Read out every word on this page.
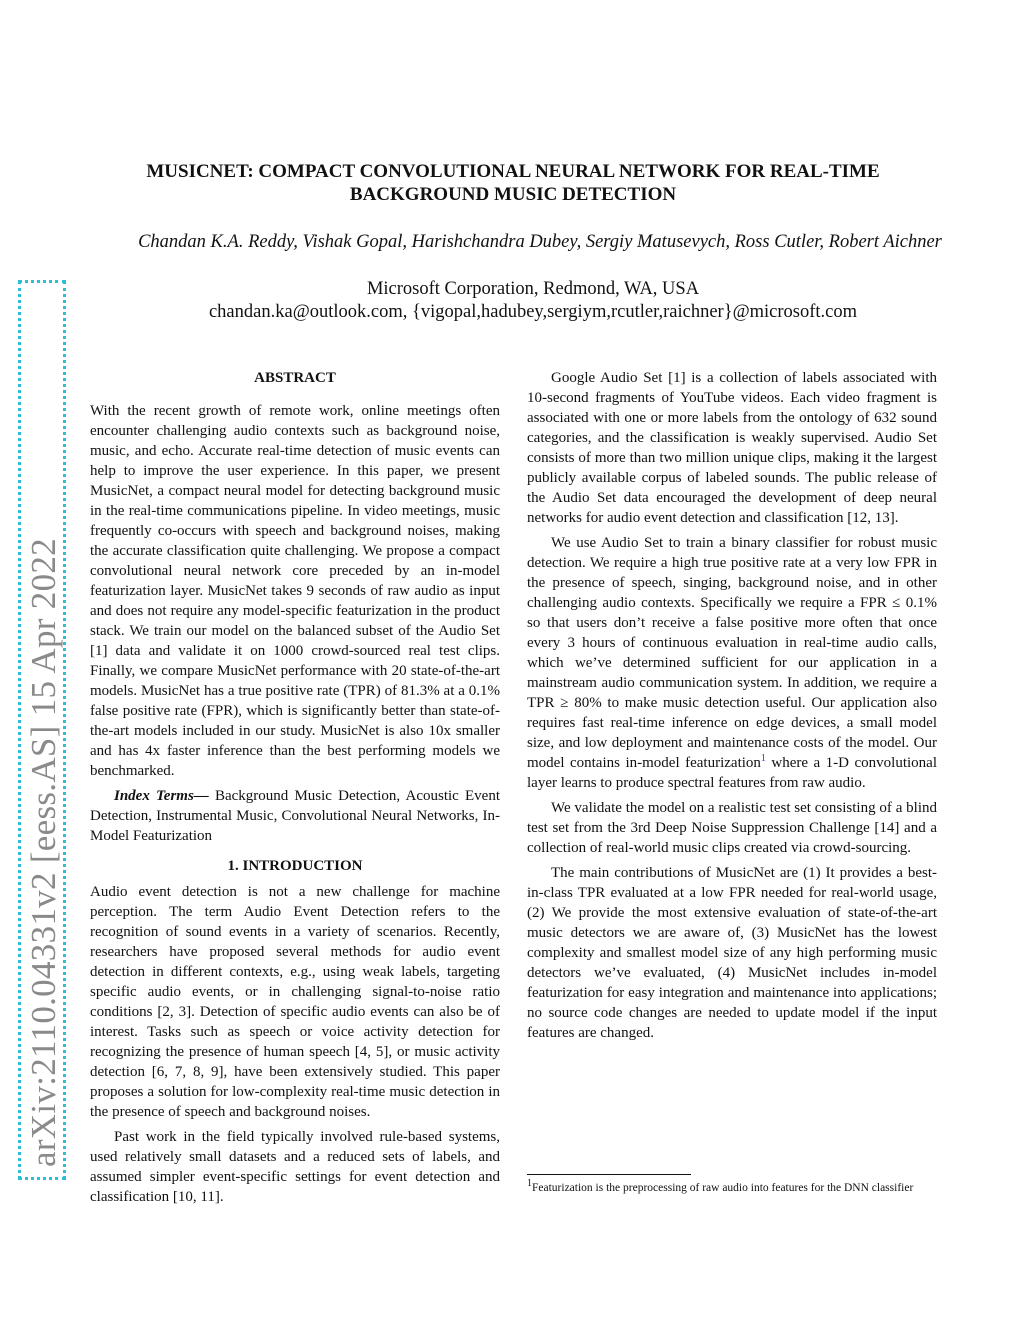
arXiv:2110.04331v2 [eess.AS] 15 Apr 2022
MUSICNET: COMPACT CONVOLUTIONAL NEURAL NETWORK FOR REAL-TIME BACKGROUND MUSIC DETECTION
Chandan K.A. Reddy, Vishak Gopal, Harishchandra Dubey, Sergiy Matusevych, Ross Cutler, Robert Aichner
Microsoft Corporation, Redmond, WA, USA
chandan.ka@outlook.com, {vigopal,hadubey,sergiym,rcutler,raichner}@microsoft.com
ABSTRACT

With the recent growth of remote work, online meetings often encounter challenging audio contexts such as background noise, music, and echo. Accurate real-time detection of music events can help to improve the user experience. In this paper, we present MusicNet, a compact neural model for detecting background music in the real-time communications pipeline. In video meetings, music frequently co-occurs with speech and background noises, making the accurate classification quite challenging. We propose a compact convolutional neural network core preceded by an in-model featurization layer. MusicNet takes 9 seconds of raw audio as input and does not require any model-specific featurization in the product stack. We train our model on the balanced subset of the Audio Set [1] data and validate it on 1000 crowd-sourced real test clips. Finally, we compare MusicNet performance with 20 state-of-the-art models. MusicNet has a true positive rate (TPR) of 81.3% at a 0.1% false positive rate (FPR), which is significantly better than state-of-the-art models included in our study. MusicNet is also 10x smaller and has 4x faster inference than the best performing models we benchmarked.

Index Terms— Background Music Detection, Acoustic Event Detection, Instrumental Music, Convolutional Neural Networks, In-Model Featurization

1. INTRODUCTION

Audio event detection is not a new challenge for machine perception. The term Audio Event Detection refers to the recognition of sound events in a variety of scenarios. Recently, researchers have proposed several methods for audio event detection in different contexts, e.g., using weak labels, targeting specific audio events, or in challenging signal-to-noise ratio conditions [2, 3]. Detection of specific audio events can also be of interest. Tasks such as speech or voice activity detection for recognizing the presence of human speech [4, 5], or music activity detection [6, 7, 8, 9], have been extensively studied. This paper proposes a solution for low-complexity real-time music detection in the presence of speech and background noises.

Past work in the field typically involved rule-based systems, used relatively small datasets and a reduced sets of labels, and assumed simpler event-specific settings for event detection and classification [10, 11].

Google Audio Set [1] is a collection of labels associated with 10-second fragments of YouTube videos. Each video fragment is associated with one or more labels from the ontology of 632 sound categories, and the classification is weakly supervised. Audio Set consists of more than two million unique clips, making it the largest publicly available corpus of labeled sounds. The public release of the Audio Set data encouraged the development of deep neural networks for audio event detection and classification [12, 13].

We use Audio Set to train a binary classifier for robust music detection. We require a high true positive rate at a very low FPR in the presence of speech, singing, background noise, and in other challenging audio contexts. Specifically we require a FPR ≤ 0.1% so that users don’t receive a false positive more often that once every 3 hours of continuous evaluation in real-time audio calls, which we’ve determined sufficient for our application in a mainstream audio communication system. In addition, we require a TPR ≥ 80% to make music detection useful. Our application also requires fast real-time inference on edge devices, a small model size, and low deployment and maintenance costs of the model. Our model contains in-model featurization$^1$ where a 1-D convolutional layer learns to produce spectral features from raw audio.

We validate the model on a realistic test set consisting of a blind test set from the 3rd Deep Noise Suppression Challenge [14] and a collection of real-world music clips created via crowd-sourcing.

The main contributions of MusicNet are (1) It provides a best-in-class TPR evaluated at a low FPR needed for real-world usage, (2) We provide the most extensive evaluation of state-of-the-art music detectors we are aware of, (3) MusicNet has the lowest complexity and smallest model size of any high performing music detectors we’ve evaluated, (4) MusicNet includes in-model featurization for easy integration and maintenance into applications; no source code changes are needed to update model if the input features are changed.

$^1$Featurization is the preprocessing of raw audio into features for the DNN classifier
